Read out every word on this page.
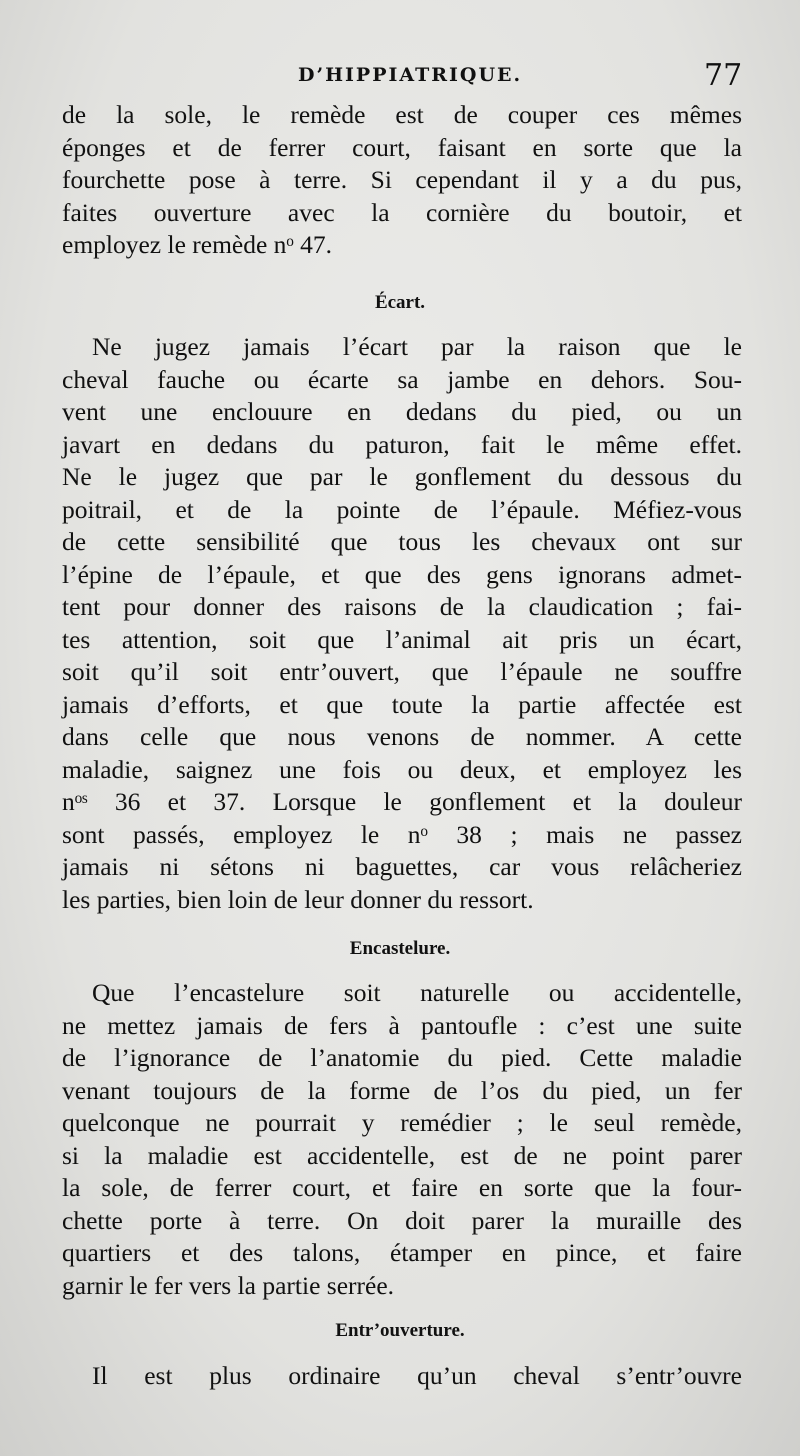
D’HIPPIATRIQUE.	77
de la sole, le remède est de couper ces mêmes
éponges et de ferrer court, faisant en sorte que la
fourchette pose à terre. Si cependant il y a du pus,
faites ouverture avec la cornière du boutoir, et
employez le remède nᵒ 47.
Écart.
Ne jugez jamais l’écart par la raison que le
cheval fauche ou écarte sa jambe en dehors. Sou-
vent une enclouure en dedans du pied, ou un
javart en dedans du paturon, fait le même effet.
Ne le jugez que par le gonflement du dessous du
poitrail, et de la pointe de l’épaule. Méfiez-vous
de cette sensibilité que tous les chevaux ont sur
l’épine de l’épaule, et que des gens ignorans admet-
tent pour donner des raisons de la claudication ; fai-
tes attention, soit que l’animal ait pris un écart,
soit qu’il soit entr’ouvert, que l’épaule ne souffre
jamais d’efforts, et que toute la partie affectée est
dans celle que nous venons de nommer. A cette
maladie, saignez une fois ou deux, et employez les
nᵒˢ 36 et 37. Lorsque le gonflement et la douleur
sont passés, employez le nᵒ 38 ; mais ne passez
jamais ni sétons ni baguettes, car vous relâcheriez
les parties, bien loin de leur donner du ressort.
Encastelure.
Que l’encastelure soit naturelle ou accidentelle,
ne mettez jamais de fers à pantoufle : c’est une suite
de l’ignorance de l’anatomie du pied. Cette maladie
venant toujours de la forme de l’os du pied, un fer
quelconque ne pourrait y remédier ; le seul remède,
si la maladie est accidentelle, est de ne point parer
la sole, de ferrer court, et faire en sorte que la four-
chette porte à terre. On doit parer la muraille des
quartiers et des talons, étamper en pince, et faire
garnir le fer vers la partie serrée.
Entr’ouverture.
Il est plus ordinaire qu’un cheval s’entr’ouvre
